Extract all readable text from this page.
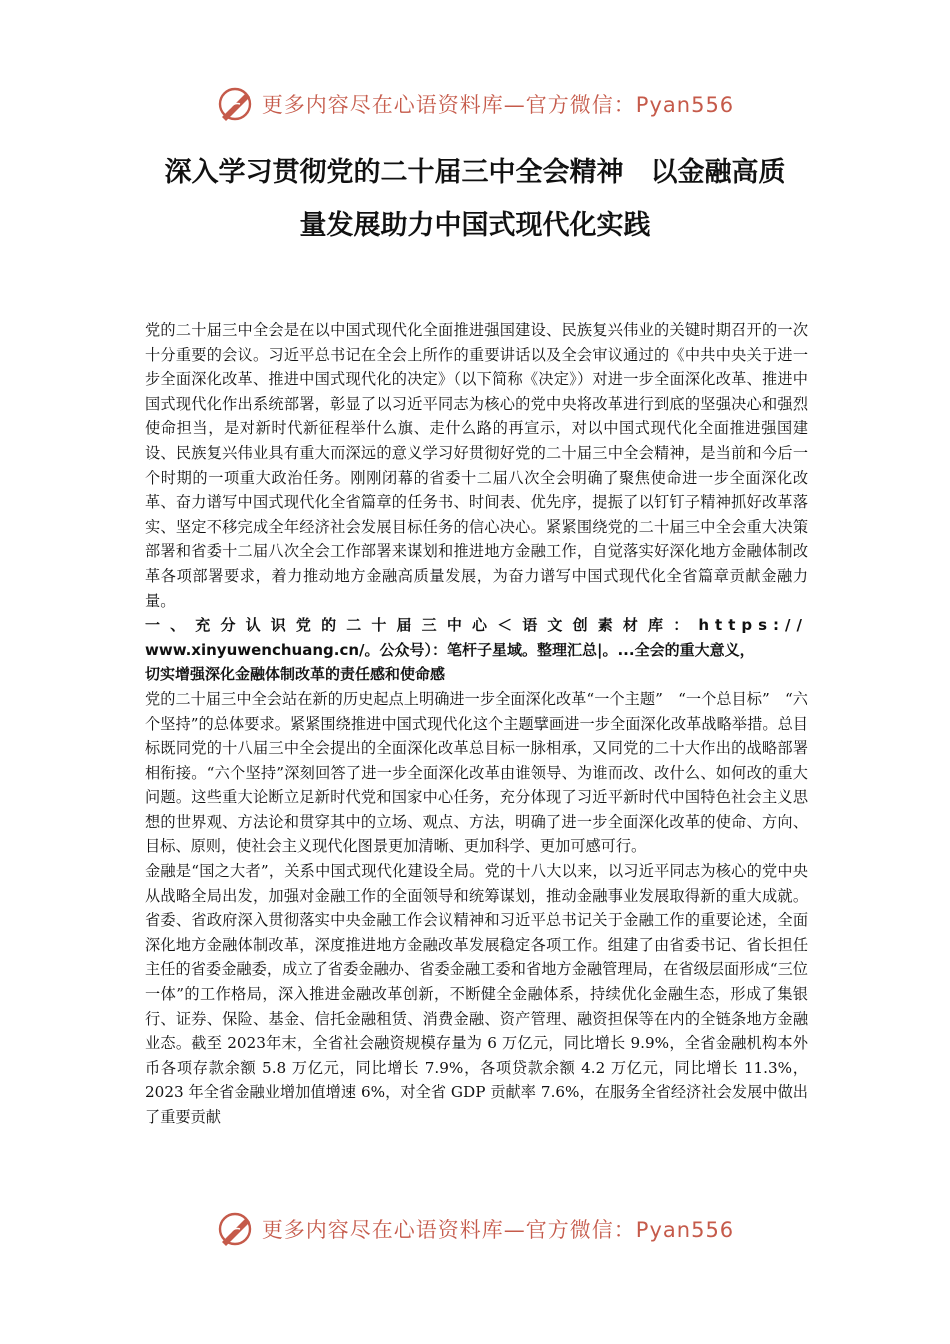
更多内容尽在心语资料库—官方微信：Pyan556
深入学习贯彻党的二十届三中全会精神　以金融高质
量发展助力中国式现代化实践

党的二十届三中全会是在以中国式现代化全面推进强国建设、民族复兴伟业的关键时期召开的一次十分重要的会议。习近平总书记在全会上所作的重要讲话以及全会审议通过的《中共中央关于进一步全面深化改革、推进中国式现代化的决定》（以下简称《决定》）对进一步全面深化改革、推进中国式现代化作出系统部署，彰显了以习近平同志为核心的党中央将改革进行到底的坚强决心和强烈使命担当，是对新时代新征程举什么旗、走什么路的再宣示，对以中国式现代化全面推进强国建设、民族复兴伟业具有重大而深远的意义学习好贯彻好党的二十届三中全会精神，是当前和今后一个时期的一项重大政治任务。刚刚闭幕的省委十二届八次全会明确了聚焦使命进一步全面深化改革、奋力谱写中国式现代化全省篇章的任务书、时间表、优先序，提振了以钉钉子精神抓好改革落实、坚定不移完成全年经济社会发展目标任务的信心决心。紧紧围绕党的二十届三中全会重大决策部署和省委十二届八次全会工作部署来谋划和推进地方金融工作，自觉落实好深化地方金融体制改革各项部署要求，着力推动地方金融高质量发展，为奋力谱写中国式现代化全省篇章贡献金融力量。

一、充分认识党的二十届三中心＜语文创素材库：https://
www.xinyuwenchuang.cn/。公众号）：笔杆子星域。整理汇总|。...全会的重大意义，
切实增强深化金融体制改革的责任感和使命感

党的二十届三中全会站在新的历史起点上明确进一步全面深化改革“一个主题”　“一个总目标”　“六个坚持”的总体要求。紧紧围绕推进中国式现代化这个主题擘画进一步全面深化改革战略举措。总目标既同党的十八届三中全会提出的全面深化改革总目标一脉相承，又同党的二十大作出的战略部署相衔接。“六个坚持”深刻回答了进一步全面深化改革由谁领导、为谁而改、改什么、如何改的重大问题。这些重大论断立足新时代党和国家中心任务，充分体现了习近平新时代中国特色社会主义思想的世界观、方法论和贯穿其中的立场、观点、方法，明确了进一步全面深化改革的使命、方向、目标、原则，使社会主义现代化图景更加清晰、更加科学、更加可感可行。

金融是“国之大者”，关系中国式现代化建设全局。党的十八大以来，以习近平同志为核心的党中央从战略全局出发，加强对金融工作的全面领导和统筹谋划，推动金融事业发展取得新的重大成就。省委、省政府深入贯彻落实中央金融工作会议精神和习近平总书记关于金融工作的重要论述，全面深化地方金融体制改革，深度推进地方金融改革发展稳定各项工作。组建了由省委书记、省长担任主任的省委金融委，成立了省委金融办、省委金融工委和省地方金融管理局，在省级层面形成“三位一体”的工作格局，深入推进金融改革创新，不断健全金融体系，持续优化金融生态，形成了集银行、证券、保险、基金、信托金融租赁、消费金融、资产管理、融资担保等在内的全链条地方金融业态。截至 2023年末，全省社会融资规模存量为 6 万亿元，同比增长 9.9%，全省金融机构本外币各项存款余额 5.8 万亿元，同比增长 7.9%，各项贷款余额 4.2 万亿元，同比增长 11.3%，2023 年全省金融业增加值增速 6%，对全省 GDP 贡献率 7.6%，在服务全省经济社会发展中做出了重要贡献

更多内容尽在心语资料库—官方微信：Pyan556
